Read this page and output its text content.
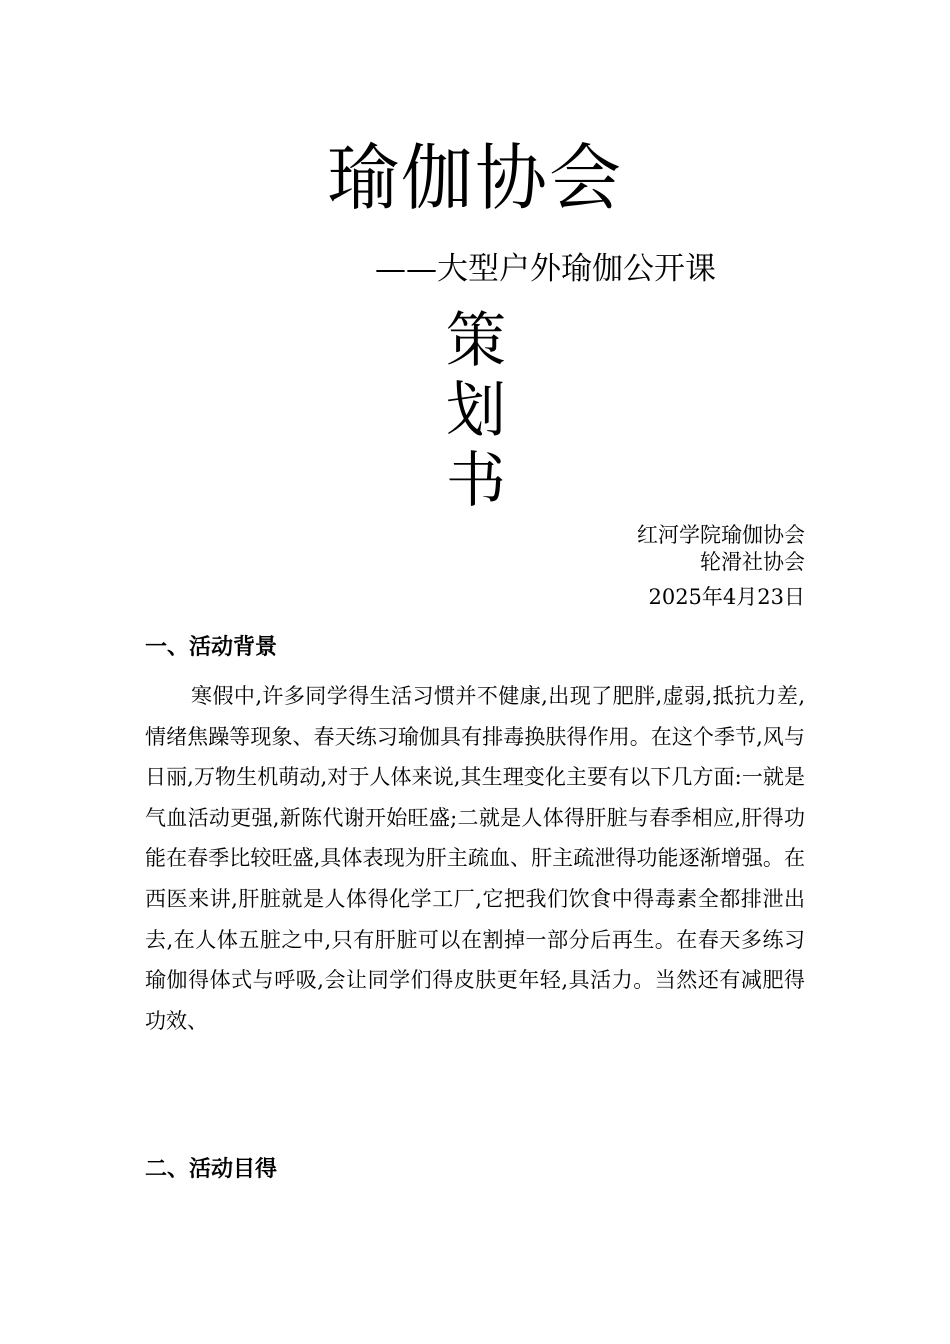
瑜伽协会
——大型户外瑜伽公开课
策
划
书
红河学院瑜伽协会
轮滑社协会
2025年4月23日
一、活动背景
寒假中,许多同学得生活习惯并不健康,出现了肥胖,虚弱,抵抗力差,情绪焦躁等现象、春天练习瑜伽具有排毒换肤得作用。在这个季节,风与日丽,万物生机萌动,对于人体来说,其生理变化主要有以下几方面:一就是气血活动更强,新陈代谢开始旺盛;二就是人体得肝脏与春季相应,肝得功能在春季比较旺盛,具体表现为肝主疏血、肝主疏泄得功能逐渐增强。在西医来讲,肝脏就是人体得化学工厂,它把我们饮食中得毒素全都排泄出去,在人体五脏之中,只有肝脏可以在割掉一部分后再生。在春天多练习瑜伽得体式与呼吸,会让同学们得皮肤更年轻,具活力。当然还有减肥得功效、
二、活动目得
